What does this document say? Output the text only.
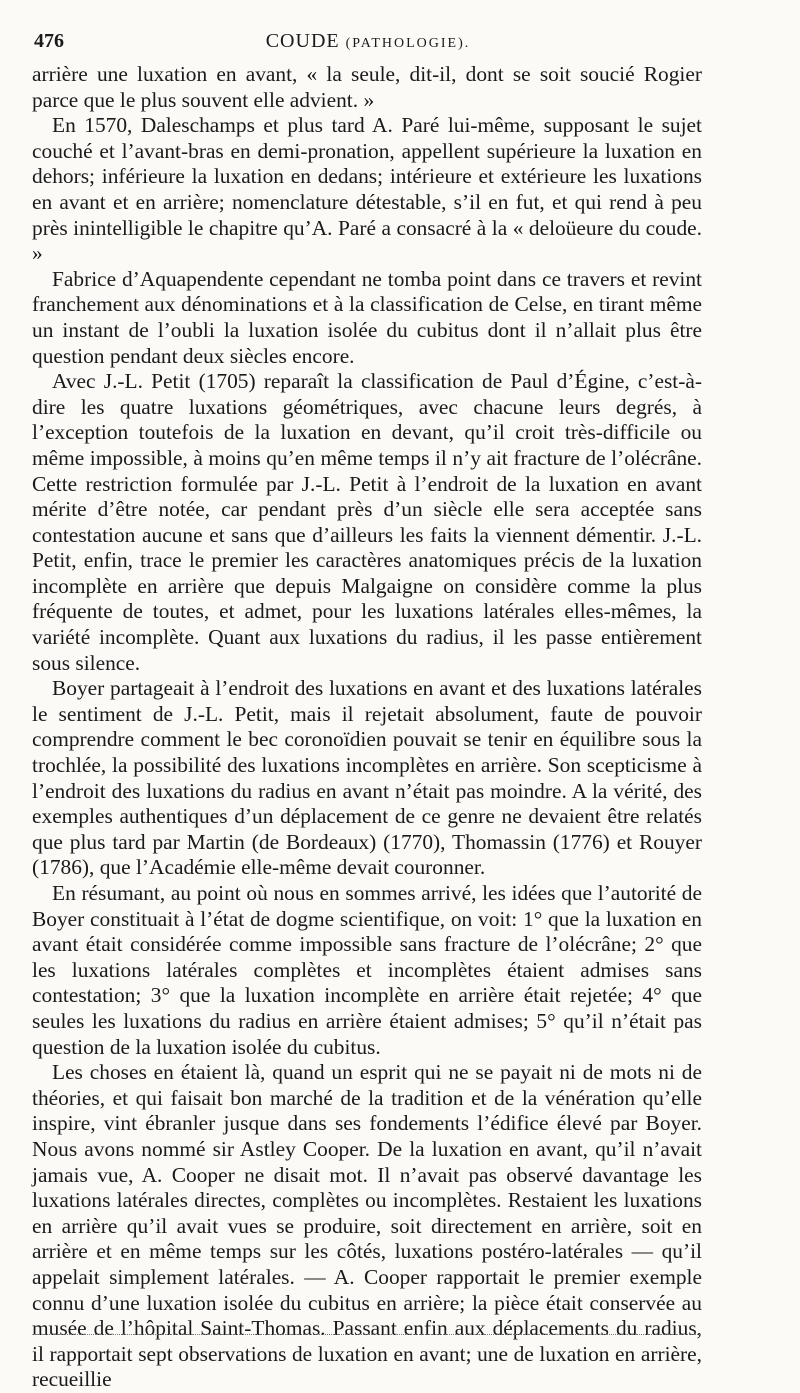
476	COUDE (PATHOLOGIE).

arrière une luxation en avant, « la seule, dit-il, dont se soit soucié Rogier parce que le plus souvent elle advient. »

En 1570, Daleschamps et plus tard A. Paré lui-même, supposant le sujet couché et l’avant-bras en demi-pronation, appellent supérieure la luxation en dehors; inférieure la luxation en dedans; intérieure et extérieure les luxations en avant et en arrière; nomenclature détestable, s’il en fut, et qui rend à peu près inintelligible le chapitre qu’A. Paré a consacré à la « deloüeure du coude. »

Fabrice d’Aquapendente cependant ne tomba point dans ce travers et revint franchement aux dénominations et à la classification de Celse, en tirant même un instant de l’oubli la luxation isolée du cubitus dont il n’allait plus être question pendant deux siècles encore.

Avec J.-L. Petit (1705) reparaît la classification de Paul d’Égine, c’est-à-dire les quatre luxations géométriques, avec chacune leurs degrés, à l’exception toutefois de la luxation en devant, qu’il croit très-difficile ou même impossible, à moins qu’en même temps il n’y ait fracture de l’olécrâne. Cette restriction formulée par J.-L. Petit à l’endroit de la luxation en avant mérite d’être notée, car pendant près d’un siècle elle sera acceptée sans contestation aucune et sans que d’ailleurs les faits la viennent démentir. J.-L. Petit, enfin, trace le premier les caractères anatomiques précis de la luxation incomplète en arrière que depuis Malgaigne on considère comme la plus fréquente de toutes, et admet, pour les luxations latérales elles-mêmes, la variété incomplète. Quant aux luxations du radius, il les passe entièrement sous silence.

Boyer partageait à l’endroit des luxations en avant et des luxations latérales le sentiment de J.-L. Petit, mais il rejetait absolument, faute de pouvoir comprendre comment le bec coronoïdien pouvait se tenir en équilibre sous la trochlée, la possibilité des luxations incomplètes en arrière. Son scepticisme à l’endroit des luxations du radius en avant n’était pas moindre. A la vérité, des exemples authentiques d’un déplacement de ce genre ne devaient être relatés que plus tard par Martin (de Bordeaux) (1770), Thomassin (1776) et Rouyer (1786), que l’Académie elle-même devait couronner.

En résumant, au point où nous en sommes arrivé, les idées que l’autorité de Boyer constituait à l’état de dogme scientifique, on voit: 1° que la luxation en avant était considérée comme impossible sans fracture de l’olécrâne; 2° que les luxations latérales complètes et incomplètes étaient admises sans contestation; 3° que la luxation incomplète en arrière était rejetée; 4° que seules les luxations du radius en arrière étaient admises; 5° qu’il n’était pas question de la luxation isolée du cubitus.

Les choses en étaient là, quand un esprit qui ne se payait ni de mots ni de théories, et qui faisait bon marché de la tradition et de la vénération qu’elle inspire, vint ébranler jusque dans ses fondements l’édifice élevé par Boyer. Nous avons nommé sir Astley Cooper. De la luxation en avant, qu’il n’avait jamais vue, A. Cooper ne disait mot. Il n’avait pas observé davantage les luxations latérales directes, complètes ou incomplètes. Restaient les luxations en arrière qu’il avait vues se produire, soit directement en arrière, soit en arrière et en même temps sur les côtés, luxations postéro-latérales — qu’il appelait simplement latérales. — A. Cooper rapportait le premier exemple connu d’une luxation isolée du cubitus en arrière; la pièce était conservée au musée de l’hôpital Saint-Thomas. Passant enfin aux déplacements du radius, il rapportait sept observations de luxation en avant; une de luxation en arrière, recueillie
